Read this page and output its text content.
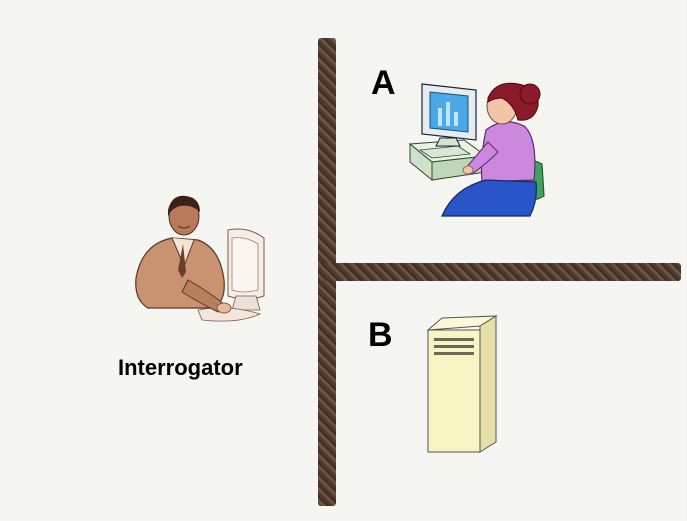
A
Interrogator
B
